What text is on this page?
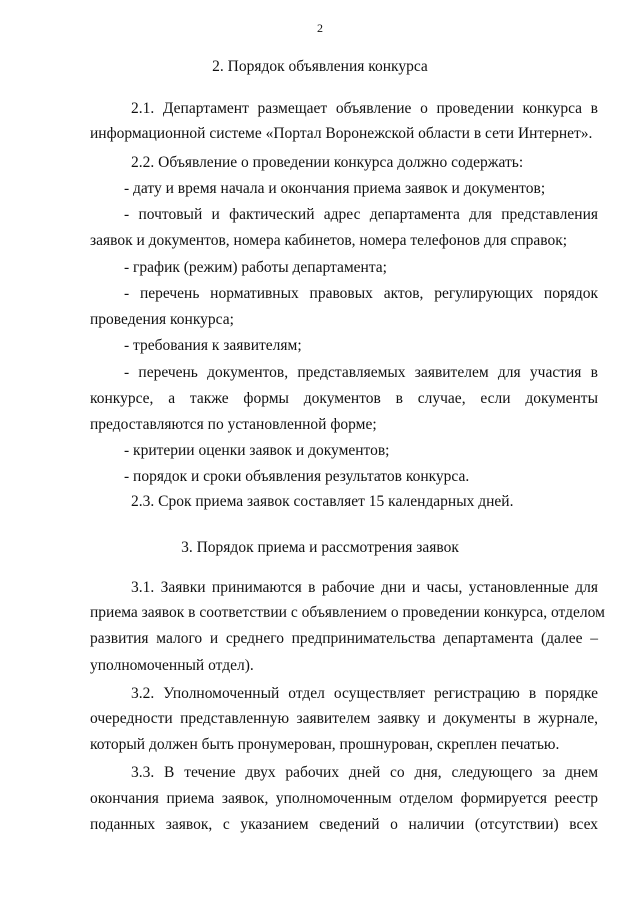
2
2. Порядок объявления конкурса
2.1. Департамент размещает объявление о проведении конкурса в
информационной системе «Портал Воронежской области в сети Интернет».
2.2. Объявление о проведении конкурса должно содержать:
- дату и время начала и окончания приема заявок и документов;
- почтовый и фактический адрес департамента для представления
заявок и документов, номера кабинетов, номера телефонов для справок;
- график (режим) работы департамента;
- перечень нормативных правовых актов, регулирующих порядок
проведения конкурса;
- требования к заявителям;
- перечень документов, представляемых заявителем для участия в
конкурсе, а также формы документов в случае, если документы
предоставляются по установленной форме;
- критерии оценки заявок и документов;
- порядок и сроки объявления результатов конкурса.
2.3. Срок приема заявок составляет 15 календарных дней.
3. Порядок приема и рассмотрения заявок
3.1. Заявки принимаются в рабочие дни и часы, установленные для
приема заявок в соответствии с объявлением о проведении конкурса, отделом
развития малого и среднего предпринимательства департамента (далее –
уполномоченный отдел).
3.2. Уполномоченный отдел осуществляет регистрацию в порядке
очередности представленную заявителем заявку и документы в журнале,
который должен быть пронумерован, прошнурован, скреплен печатью.
3.3. В течение двух рабочих дней со дня, следующего за днем
окончания приема заявок, уполномоченным отделом формируется реестр
поданных заявок, с указанием сведений о наличии (отсутствии) всех
